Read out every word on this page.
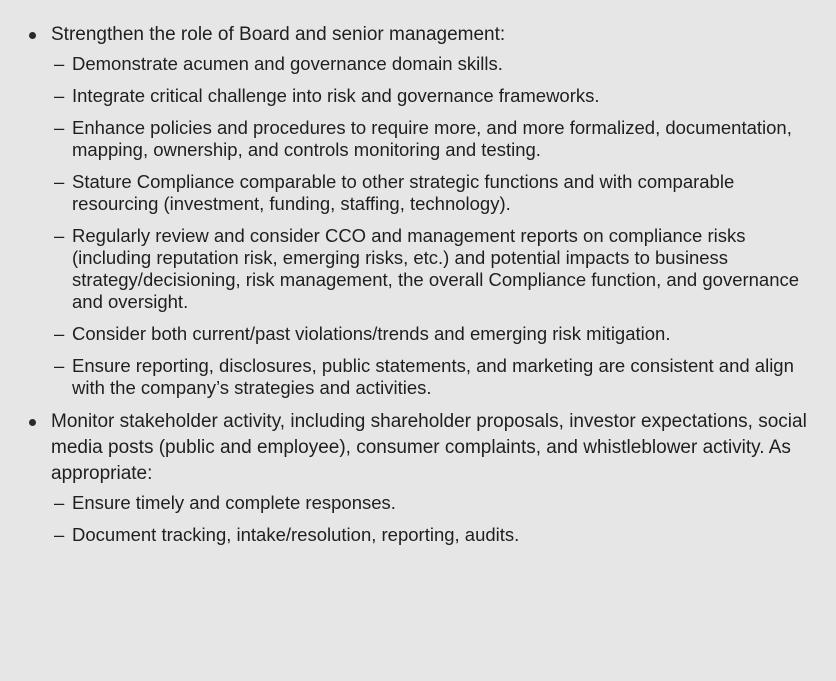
Strengthen the role of Board and senior management:
– Demonstrate acumen and governance domain skills.
– Integrate critical challenge into risk and governance frameworks.
– Enhance policies and procedures to require more, and more formalized, documentation, mapping, ownership, and controls monitoring and testing.
– Stature Compliance comparable to other strategic functions and with comparable resourcing (investment, funding, staffing, technology).
– Regularly review and consider CCO and management reports on compliance risks (including reputation risk, emerging risks, etc.) and potential impacts to business strategy/decisioning, risk management, the overall Compliance function, and governance and oversight.
– Consider both current/past violations/trends and emerging risk mitigation.
– Ensure reporting, disclosures, public statements, and marketing are consistent and align with the company’s strategies and activities.
Monitor stakeholder activity, including shareholder proposals, investor expectations, social media posts (public and employee), consumer complaints, and whistleblower activity. As appropriate:
– Ensure timely and complete responses.
– Document tracking, intake/resolution, reporting, audits.
